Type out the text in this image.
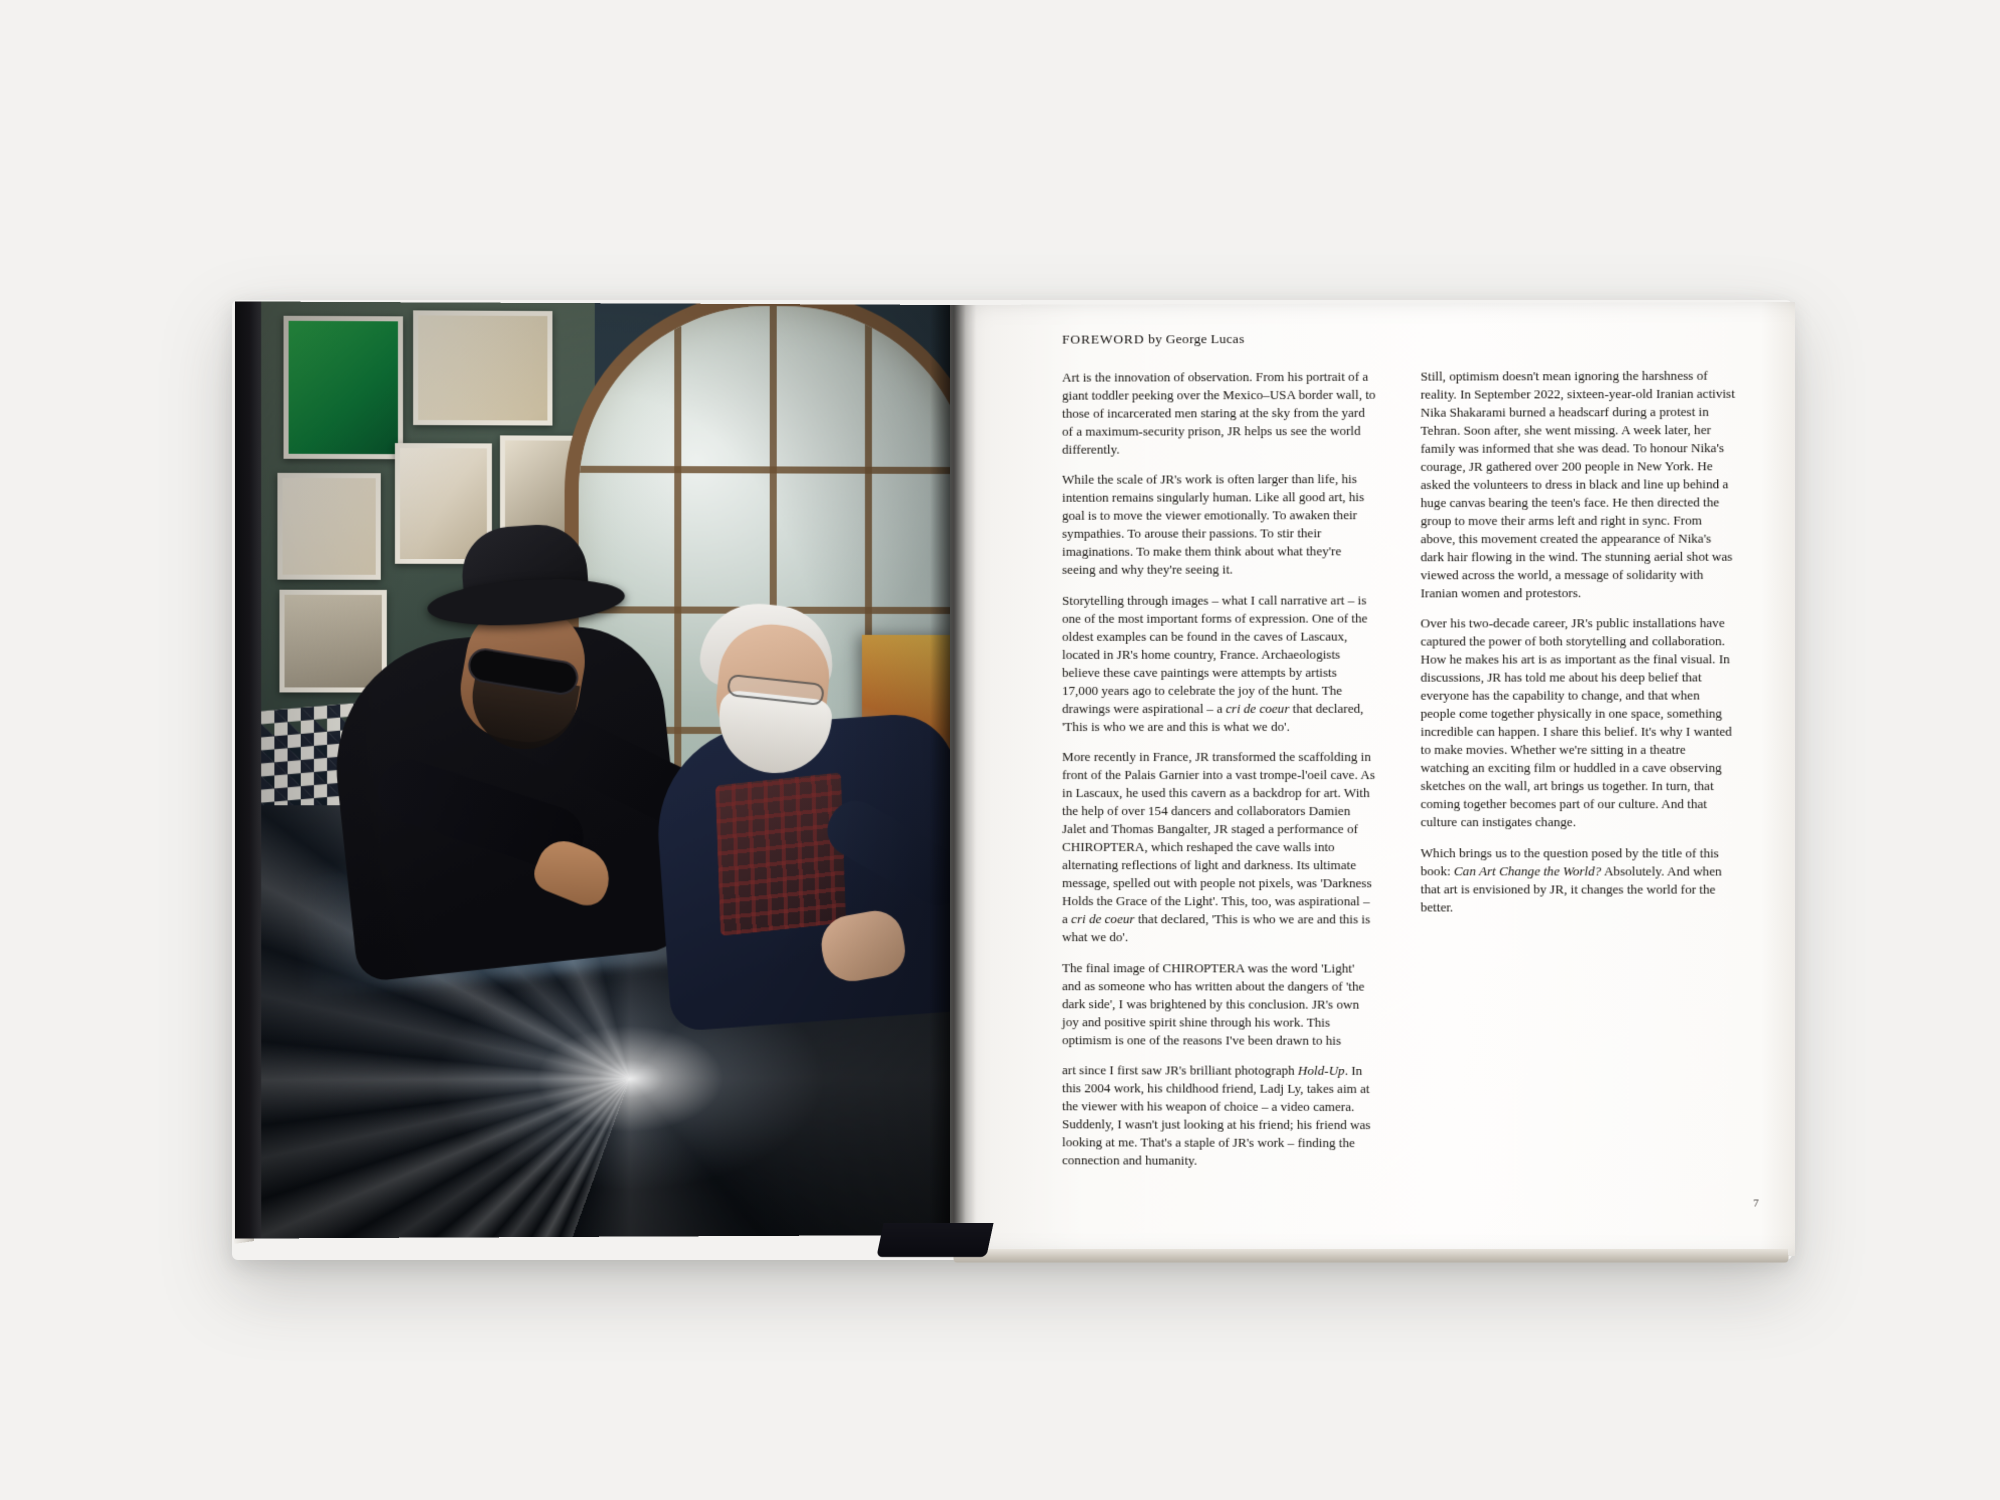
FOREWORD by George Lucas

Art is the innovation of observation. From his portrait of a giant toddler peeking over the Mexico–USA border wall, to those of incarcerated men staring at the sky from the yard of a maximum-security prison, JR helps us see the world differently.

While the scale of JR's work is often larger than life, his intention remains singularly human. Like all good art, his goal is to move the viewer emotionally. To awaken their sympathies. To arouse their passions. To stir their imaginations. To make them think about what they're seeing and why they're seeing it.

Storytelling through images – what I call narrative art – is one of the most important forms of expression. One of the oldest examples can be found in the caves of Lascaux, located in JR's home country, France. Archaeologists believe these cave paintings were attempts by artists 17,000 years ago to celebrate the joy of the hunt. The drawings were aspirational – a cri de coeur that declared, 'This is who we are and this is what we do'.

More recently in France, JR transformed the scaffolding in front of the Palais Garnier into a vast trompe-l'oeil cave. As in Lascaux, he used this cavern as a backdrop for art. With the help of over 154 dancers and collaborators Damien Jalet and Thomas Bangalter, JR staged a performance of CHIROPTERA, which reshaped the cave walls into alternating reflections of light and darkness. Its ultimate message, spelled out with people not pixels, was 'Darkness Holds the Grace of the Light'. This, too, was aspirational – a cri de coeur that declared, 'This is who we are and this is what we do'.

The final image of CHIROPTERA was the word 'Light' and as someone who has written about the dangers of 'the dark side', I was brightened by this conclusion. JR's own joy and positive spirit shine through his work. This optimism is one of the reasons I've been drawn to his

art since I first saw JR's brilliant photograph Hold-Up. In this 2004 work, his childhood friend, Ladj Ly, takes aim at the viewer with his weapon of choice – a video camera. Suddenly, I wasn't just looking at his friend; his friend was looking at me. That's a staple of JR's work – finding the connection and humanity.

Still, optimism doesn't mean ignoring the harshness of reality. In September 2022, sixteen-year-old Iranian activist Nika Shakarami burned a headscarf during a protest in Tehran. Soon after, she went missing. A week later, her family was informed that she was dead. To honour Nika's courage, JR gathered over 200 people in New York. He asked the volunteers to dress in black and line up behind a huge canvas bearing the teen's face. He then directed the group to move their arms left and right in sync. From above, this movement created the appearance of Nika's dark hair flowing in the wind. The stunning aerial shot was viewed across the world, a message of solidarity with Iranian women and protestors.

Over his two-decade career, JR's public installations have captured the power of both storytelling and collaboration. How he makes his art is as important as the final visual. In discussions, JR has told me about his deep belief that everyone has the capability to change, and that when people come together physically in one space, something incredible can happen. I share this belief. It's why I wanted to make movies. Whether we're sitting in a theatre watching an exciting film or huddled in a cave observing sketches on the wall, art brings us together. In turn, that coming together becomes part of our culture. And that culture can instigates change.

Which brings us to the question posed by the title of this book: Can Art Change the World? Absolutely. And when that art is envisioned by JR, it changes the world for the better.

7
